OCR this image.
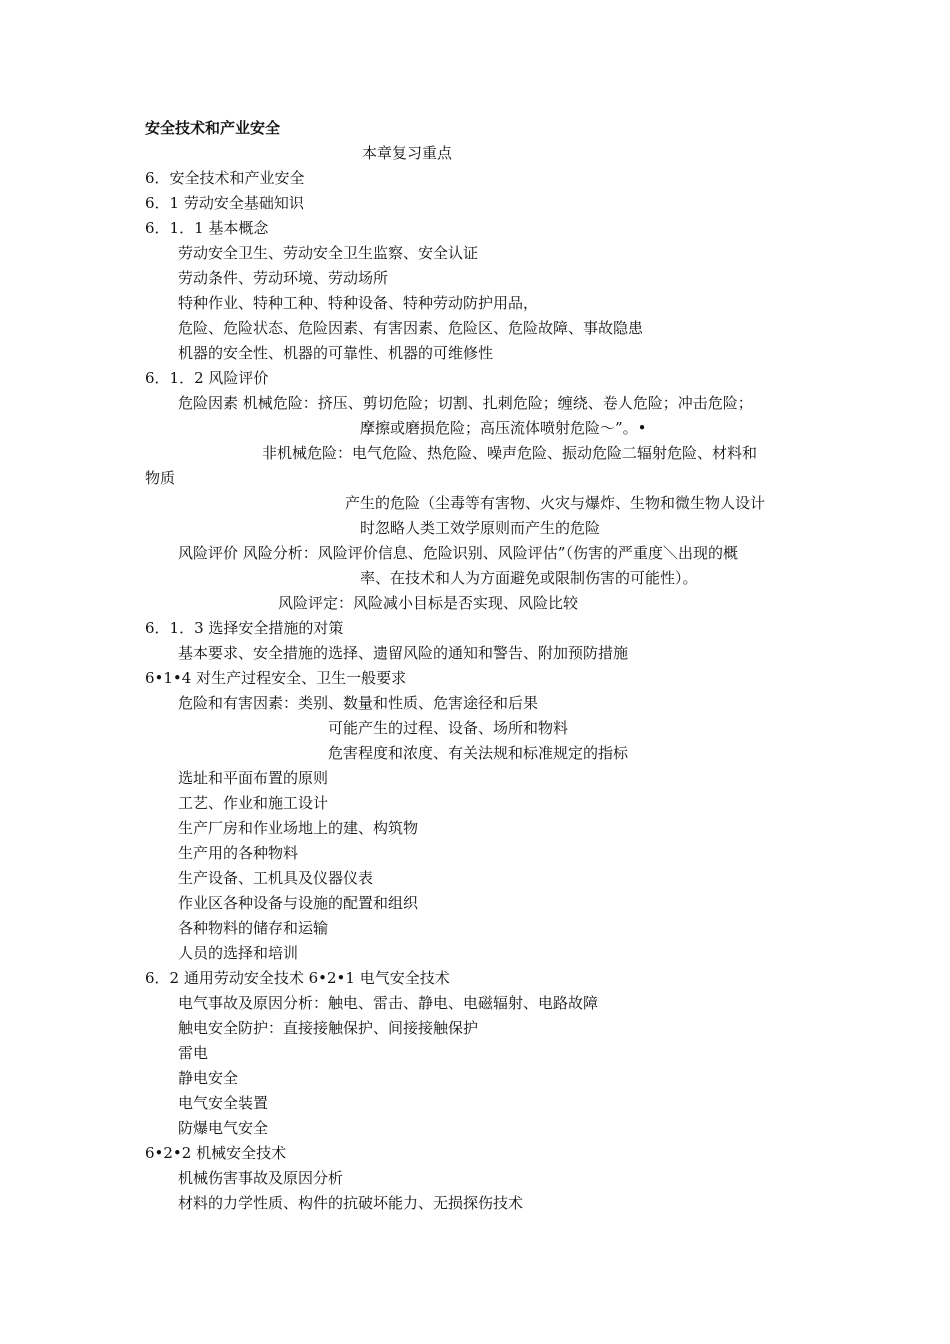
安全技术和产业安全
本章复习重点
6．安全技术和产业安全
6．1 劳动安全基础知识
6．1．1 基本概念
劳动安全卫生、劳动安全卫生监察、安全认证
劳动条件、劳动环境、劳动场所
特种作业、特种工种、特种设备、特种劳动防护用品，
危险、危险状态、危险因素、有害因素、危险区、危险故障、事故隐患
机器的安全性、机器的可靠性、机器的可维修性
6．1．2 风险评价
危险因素 机械危险：挤压、剪切危险；切割、扎刺危险；缠绕、卷人危险；冲击危险；
摩擦或磨损危险；高压流体喷射危险～”。•
非机械危险：电气危险、热危险、噪声危险、振动危险二辐射危险、材料和
物质
产生的危险（尘毒等有害物、火灾与爆炸、生物和微生物人设计
时忽略人类工效学原则而产生的危险
风险评价 风险分析：风险评价信息、危险识别、风险评估”（伤害的严重度＼出现的概
率、在技术和人为方面避免或限制伤害的可能性）。
风险评定：风险减小目标是否实现、风险比较
6．1．3 选择安全措施的对策
基本要求、安全措施的选择、遗留风险的通知和警告、附加预防措施
6•1•4 对生产过程安全、卫生一般要求
危险和有害因素：类别、数量和性质、危害途径和后果
可能产生的过程、设备、场所和物料
危害程度和浓度、有关法规和标准规定的指标
选址和平面布置的原则
工艺、作业和施工设计
生产厂房和作业场地上的建、构筑物
生产用的各种物料
生产设备、工机具及仪器仪表
作业区各种设备与设施的配置和组织
各种物料的储存和运输
人员的选择和培训
6．2 通用劳动安全技术 6•2•1 电气安全技术
电气事故及原因分析：触电、雷击、静电、电磁辐射、电路故障
触电安全防护：直接接触保护、间接接触保护
雷电
静电安全
电气安全装置
防爆电气安全
6•2•2 机械安全技术
机械伤害事故及原因分析
材料的力学性质、构件的抗破坏能力、无损探伤技术
